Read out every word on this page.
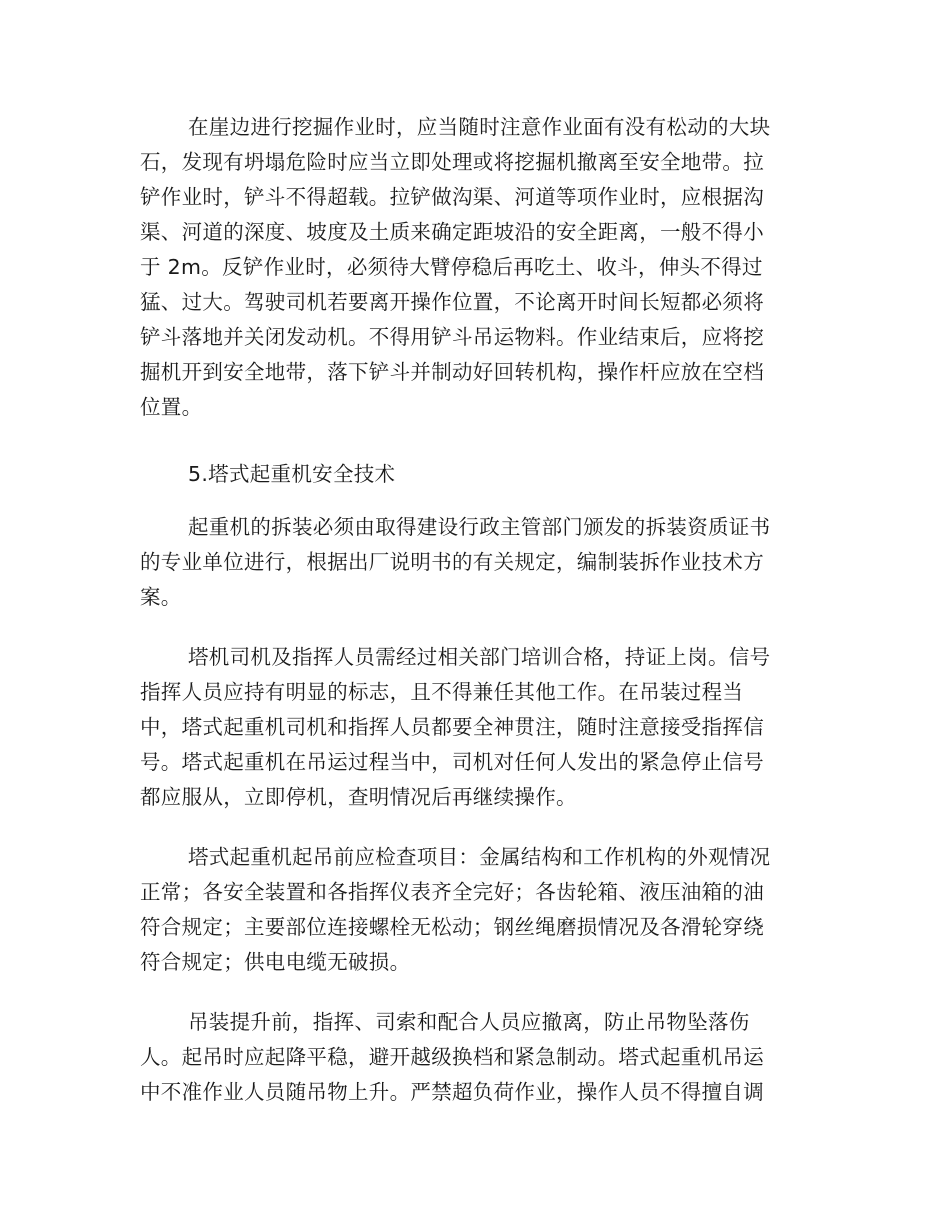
在崖边进行挖掘作业时，应当随时注意作业面有没有松动的大块
石，发现有坍塌危险时应当立即处理或将挖掘机撤离至安全地带。拉
铲作业时，铲斗不得超载。拉铲做沟渠、河道等项作业时，应根据沟
渠、河道的深度、坡度及土质来确定距坡沿的安全距离，一般不得小
于 2m。反铲作业时，必须待大臂停稳后再吃土、收斗，伸头不得过
猛、过大。驾驶司机若要离开操作位置，不论离开时间长短都必须将
铲斗落地并关闭发动机。不得用铲斗吊运物料。作业结束后，应将挖
掘机开到安全地带，落下铲斗并制动好回转机构，操作杆应放在空档
位置。
5.塔式起重机安全技术
起重机的拆装必须由取得建设行政主管部门颁发的拆装资质证书
的专业单位进行，根据出厂说明书的有关规定，编制装拆作业技术方
案。
塔机司机及指挥人员需经过相关部门培训合格，持证上岗。信号
指挥人员应持有明显的标志，且不得兼任其他工作。在吊装过程当
中，塔式起重机司机和指挥人员都要全神贯注，随时注意接受指挥信
号。塔式起重机在吊运过程当中，司机对任何人发出的紧急停止信号
都应服从，立即停机，查明情况后再继续操作。
塔式起重机起吊前应检查项目：金属结构和工作机构的外观情况
正常；各安全装置和各指挥仪表齐全完好；各齿轮箱、液压油箱的油
符合规定；主要部位连接螺栓无松动；钢丝绳磨损情况及各滑轮穿绕
符合规定；供电电缆无破损。
吊装提升前，指挥、司索和配合人员应撤离，防止吊物坠落伤
人。起吊时应起降平稳，避开越级换档和紧急制动。塔式起重机吊运
中不准作业人员随吊物上升。严禁超负荷作业，操作人员不得擅自调
